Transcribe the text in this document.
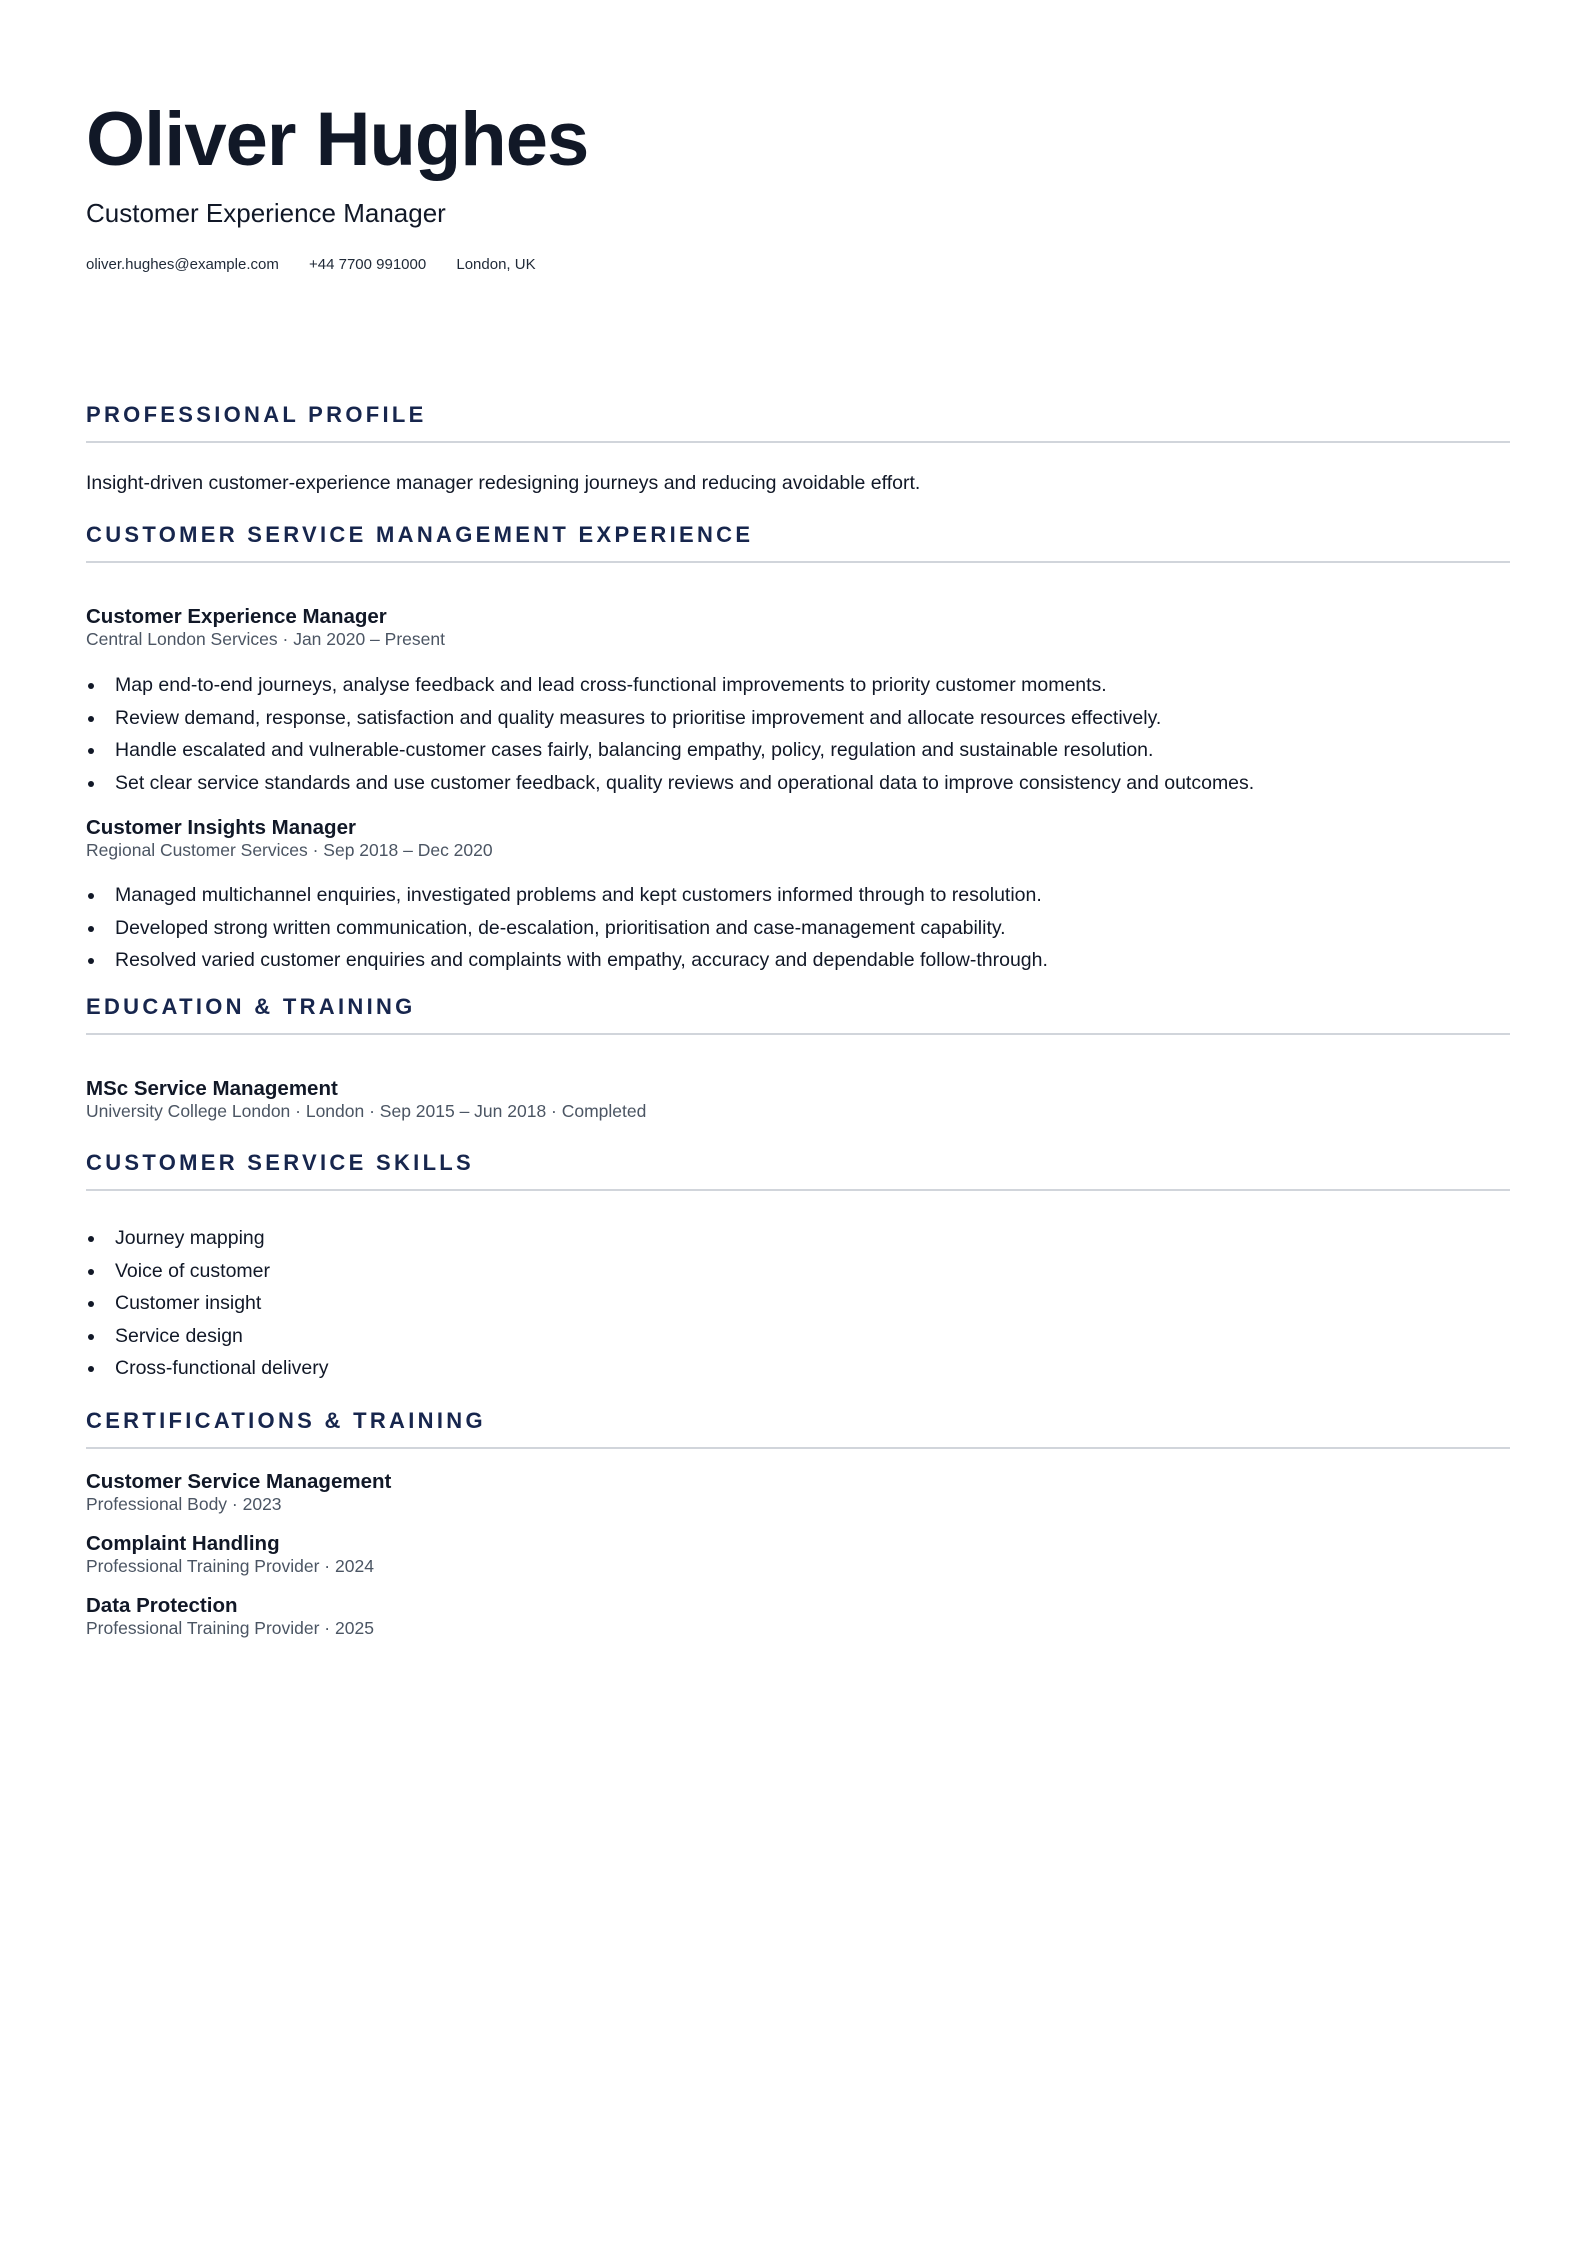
Oliver Hughes
Customer Experience Manager
oliver.hughes@example.com +44 7700 991000 London, UK
PROFESSIONAL PROFILE
Insight-driven customer-experience manager redesigning journeys and reducing avoidable effort.
CUSTOMER SERVICE MANAGEMENT EXPERIENCE
Customer Experience Manager
Central London Services · Jan 2020 – Present
Map end-to-end journeys, analyse feedback and lead cross-functional improvements to priority customer moments.
Review demand, response, satisfaction and quality measures to prioritise improvement and allocate resources effectively.
Handle escalated and vulnerable-customer cases fairly, balancing empathy, policy, regulation and sustainable resolution.
Set clear service standards and use customer feedback, quality reviews and operational data to improve consistency and outcomes.
Customer Insights Manager
Regional Customer Services · Sep 2018 – Dec 2020
Managed multichannel enquiries, investigated problems and kept customers informed through to resolution.
Developed strong written communication, de-escalation, prioritisation and case-management capability.
Resolved varied customer enquiries and complaints with empathy, accuracy and dependable follow-through.
EDUCATION & TRAINING
MSc Service Management
University College London · London · Sep 2015 – Jun 2018 · Completed
CUSTOMER SERVICE SKILLS
Journey mapping
Voice of customer
Customer insight
Service design
Cross-functional delivery
CERTIFICATIONS & TRAINING
Customer Service Management
Professional Body · 2023
Complaint Handling
Professional Training Provider · 2024
Data Protection
Professional Training Provider · 2025
